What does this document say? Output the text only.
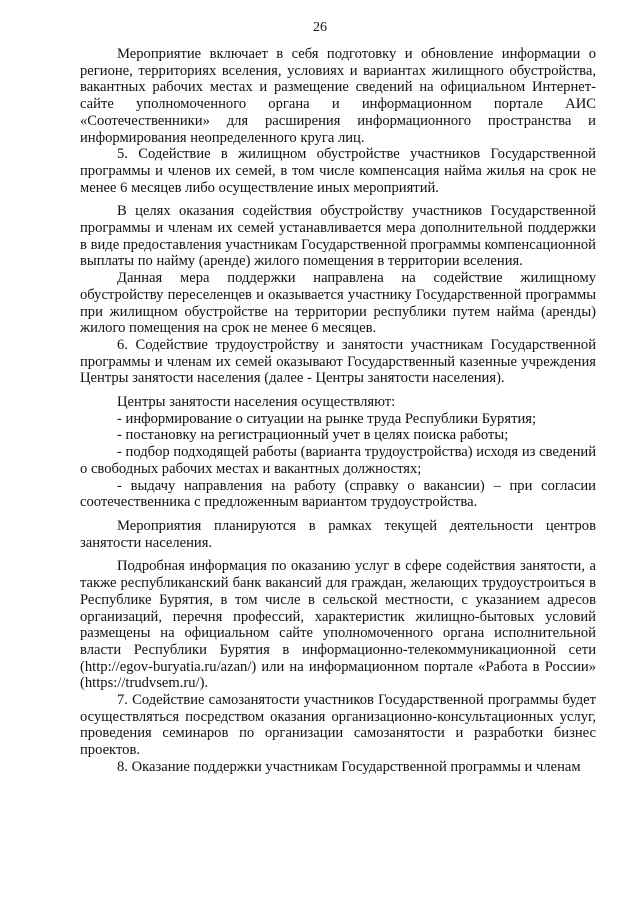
26

Мероприятие включает в себя подготовку и обновление информации о регионе, территориях вселения, условиях и вариантах жилищного обустройства, вакантных рабочих местах и размещение сведений на официальном Интернет-сайте уполномоченного органа и информационном портале АИС «Соотечественники» для расширения информационного пространства и информирования неопределенного круга лиц.

5. Содействие в жилищном обустройстве участников Государственной программы и членов их семей, в том числе компенсация найма жилья на срок не менее 6 месяцев либо осуществление иных мероприятий.

В целях оказания содействия обустройству участников Государственной программы и членам их семей устанавливается мера дополнительной поддержки в виде предоставления участникам Государственной программы компенсационной выплаты по найму (аренде) жилого помещения в территории вселения.

Данная мера поддержки направлена на содействие жилищному обустройству переселенцев и оказывается участнику Государственной программы при жилищном обустройстве на территории республики путем найма (аренды) жилого помещения на срок не менее 6 месяцев.

6. Содействие трудоустройству и занятости участникам Государственной программы и членам их семей оказывают Государственный казенные учреждения Центры занятости населения (далее - Центры занятости населения).

Центры занятости населения осуществляют:

- информирование о ситуации на рынке труда Республики Бурятия;

- постановку на регистрационный учет в целях поиска работы;

- подбор подходящей работы (варианта трудоустройства) исходя из сведений о свободных рабочих местах и вакантных должностях;

- выдачу направления на работу (справку о вакансии) – при согласии соотечественника с предложенным вариантом трудоустройства.

Мероприятия планируются в рамках текущей деятельности центров занятости населения.

Подробная информация по оказанию услуг в сфере содействия занятости, а также республиканский банк вакансий для граждан, желающих трудоустроиться в Республике Бурятия, в том числе в сельской местности, с указанием адресов организаций, перечня профессий, характеристик жилищно-бытовых условий размещены на официальном сайте уполномоченного органа исполнительной власти Республики Бурятия в информационно-телекоммуникационной сети (http://egov-buryatia.ru/azan/) или на информационном портале «Работа в России» (https://trudvsem.ru/).

7. Содействие самозанятости участников Государственной программы будет осуществляться посредством оказания организационно-консультационных услуг, проведения семинаров по организации самозанятости и разработки бизнес проектов.

8. Оказание поддержки участникам Государственной программы и членам
